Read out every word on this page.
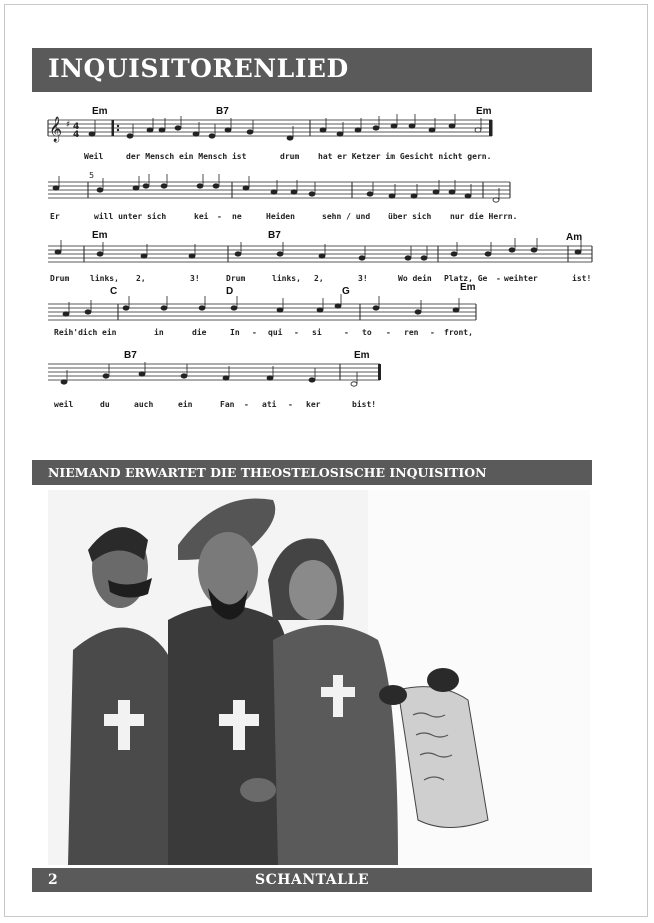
INQUISITORENLIED
𝄞 ♯ 4
4
5
Em	B7	Em
Em	B7	Am
C	D	G	Em
B7	Em
Weil	der Mensch ein Mensch ist	drum hat er Ketzer im Gesicht nicht gern.
Er	will unter sich	kei - ne	Heiden	sehn / und über sich nur die Herrn.
Drum	links, 2,	3!	Drum	links, 2,	3!	Wo dein Platz, Ge - weihter	ist!
Reih'dich ein	in	die	In - qui - si	- to - ren - front,
weil	du	auch	ein	Fan - ati - ker	bist!
NIEMAND ERWARTET DIE THEOSTELOSISCHE INQUISITION
2	SCHANTALLE
